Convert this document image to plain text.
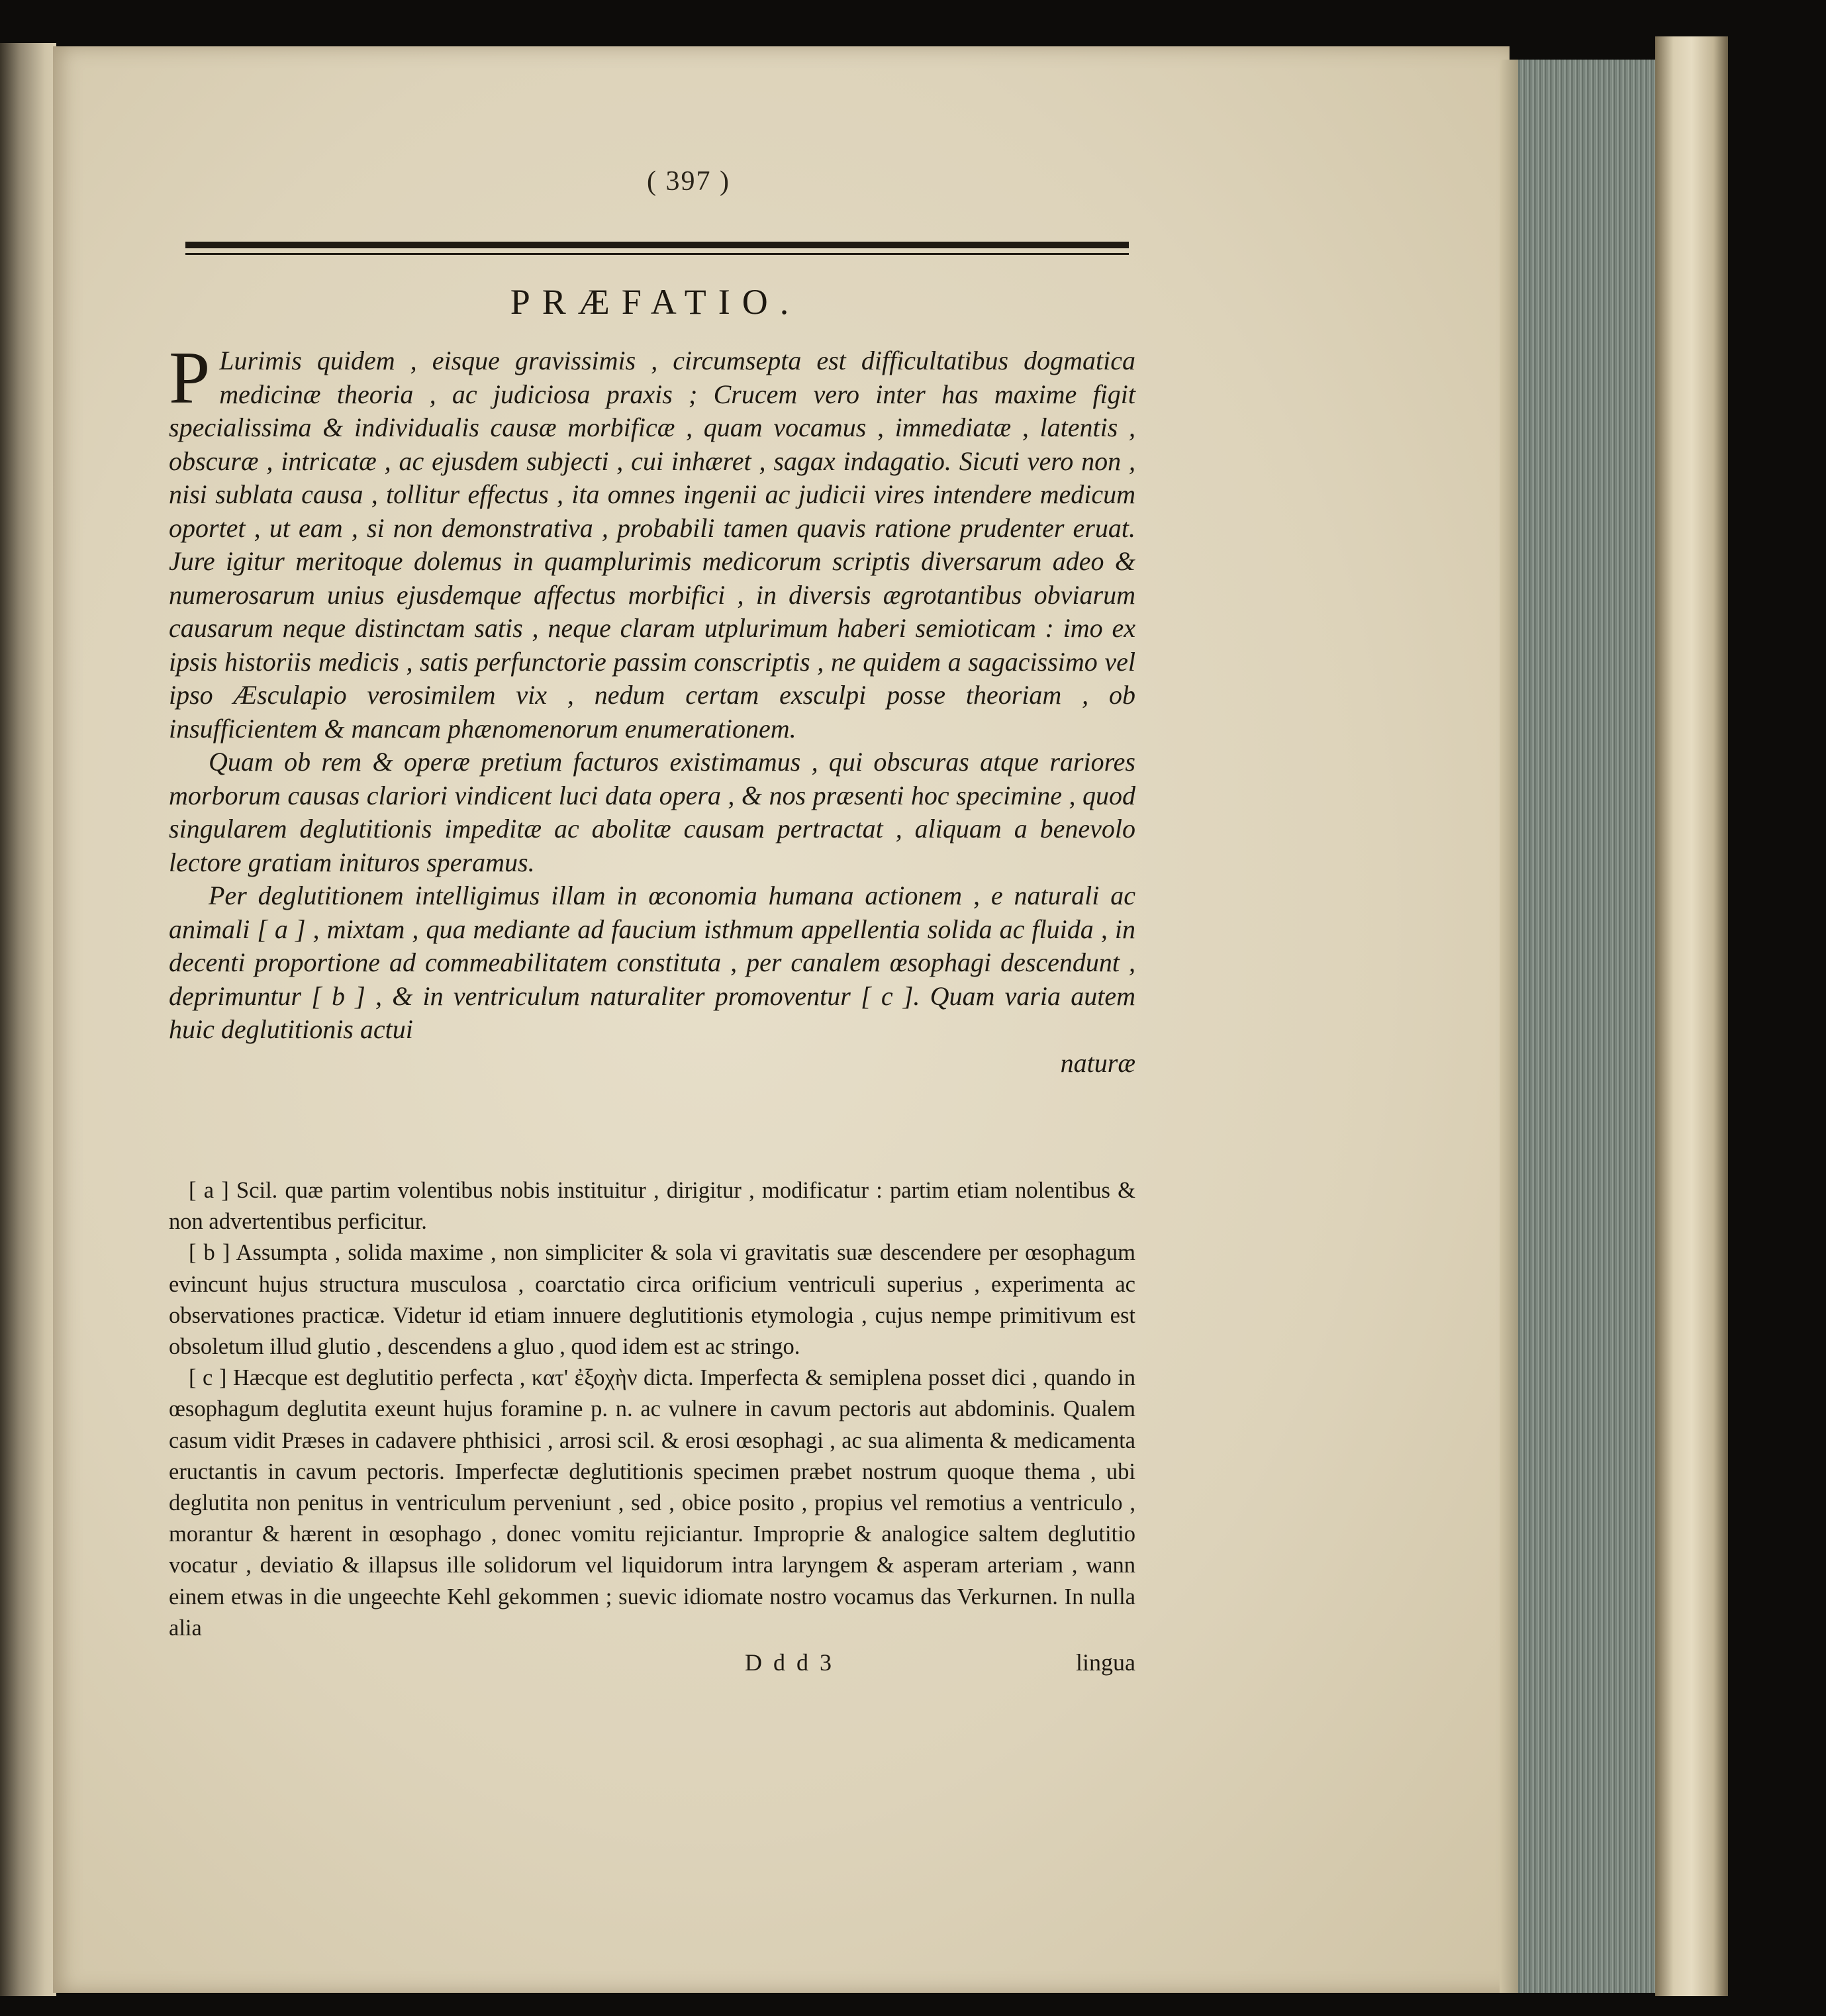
( 397 )
PRÆFATIO.

P Lurimis quidem , eisque gravissimis , circumsepta est difficultatibus dogmatica medicinæ theoria , ac judiciosa praxis ; Crucem vero inter has maxime figit specialissima & individualis causæ morbificæ , quam vocamus , immediatæ , latentis , obscuræ , intricatæ , ac ejusdem subjecti , cui inhæret , sagax indagatio. Sicuti vero non , nisi sublata causa , tollitur effectus , ita omnes ingenii ac judicii vires intendere medicum oportet , ut eam , si non demonstrativa , probabili tamen quavis ratione prudenter eruat. Jure igitur meritoque dolemus in quamplurimis medicorum scriptis diversarum adeo & numerosarum unius ejusdemque affectus morbifici , in diversis ægrotantibus obviarum causarum neque distinctam satis , neque claram utplurimum haberi semioticam : imo ex ipsis historiis medicis , satis perfunctorie passim conscriptis , ne quidem a sagacissimo vel ipso Æsculapio verosimilem vix , nedum certam exsculpi posse theoriam , ob insufficientem & mancam phænomenorum enumerationem.

Quam ob rem & operæ pretium facturos existimamus , qui obscuras atque rariores morborum causas clariori vindicent luci data opera , & nos præsenti hoc specimine , quod singularem deglutitionis impeditæ ac abolitæ causam pertractat , aliquam a benevolo lectore gratiam inituros speramus.

Per deglutitionem intelligimus illam in œconomia humana actionem , e naturali ac animali [ a ] , mixtam , qua mediante ad faucium isthmum appellentia solida ac fluida , in decenti proportione ad commeabilitatem constituta , per canalem œsophagi descendunt , deprimuntur [ b ] , & in ventriculum naturaliter promoventur [ c ]. Quam varia autem huic deglutitionis actui

naturæ

[ a ] Scil. quæ partim volentibus nobis instituitur , dirigitur , modificatur : partim etiam nolentibus & non advertentibus perficitur.

[ b ] Assumpta , solida maxime , non simpliciter & sola vi gravitatis suæ descendere per œsophagum evincunt hujus structura musculosa , coarctatio circa orificium ventriculi superius , experimenta ac observationes practicæ. Videtur id etiam innuere deglutitionis etymologia , cujus nempe primitivum est obsoletum illud glutio , descendens a gluo , quod idem est ac stringo.

[ c ] Hæcque est deglutitio perfecta , κατ' ἐξοχὴν dicta. Imperfecta & semiplena posset dici , quando in œsophagum deglutita exeunt hujus foramine p. n. ac vulnere in cavum pectoris aut abdominis. Qualem casum vidit Præses in cadavere phthisici , arrosi scil. & erosi œsophagi , ac sua alimenta & medicamenta eructantis in cavum pectoris. Imperfectæ deglutitionis specimen præbet nostrum quoque thema , ubi deglutita non penitus in ventriculum perveniunt , sed , obice posito , propius vel remotius a ventriculo , morantur & hærent in œsophago , donec vomitu rejiciantur. Improprie & analogice saltem deglutitio vocatur , deviatio & illapsus ille solidorum vel liquidorum intra laryngem & asperam arteriam , wann einem etwas in die ungeechte Kehl gekommen ; suevic idiomate nostro vocamus das Verkurnen. In nulla alia

D d d 3	lingua
